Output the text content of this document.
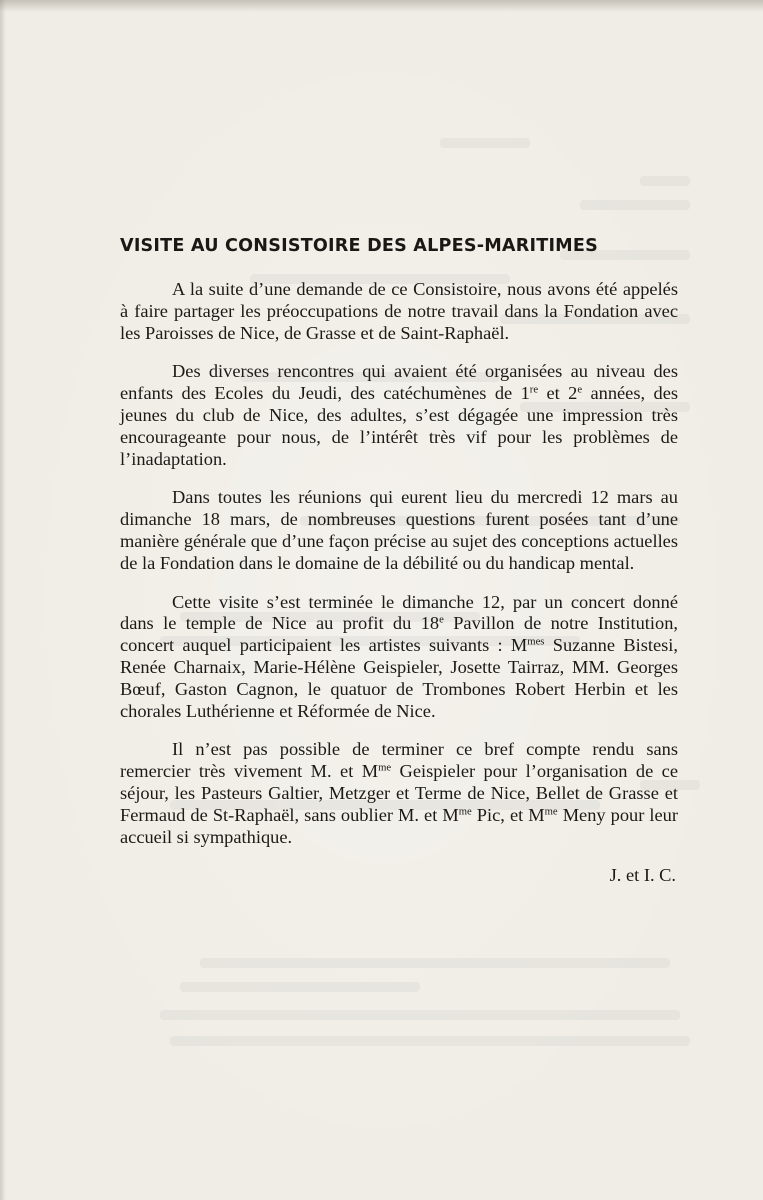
VISITE AU CONSISTOIRE DES ALPES-MARITIMES

A la suite d’une demande de ce Consistoire, nous avons été appelés à faire partager les préoccupations de notre travail dans la Fondation avec les Paroisses de Nice, de Grasse et de Saint-Raphaël.

Des diverses rencontres qui avaient été organisées au niveau des enfants des Ecoles du Jeudi, des catéchumènes de 1re et 2e années, des jeunes du club de Nice, des adultes, s’est dégagée une impression très encourageante pour nous, de l’intérêt très vif pour les problèmes de l’inadaptation.

Dans toutes les réunions qui eurent lieu du mercredi 12 mars au dimanche 18 mars, de nombreuses questions furent posées tant d’une manière générale que d’une façon précise au sujet des conceptions actuelles de la Fondation dans le domaine de la débilité ou du handicap mental.

Cette visite s’est terminée le dimanche 12, par un concert donné dans le temple de Nice au profit du 18e Pavillon de notre Institution, concert auquel participaient les artistes suivants : $M^{mes}$ Suzanne Bistesi, Renée Charnaix, Marie-Hélène Geispieler, Josette Tairraz, MM. Georges Bœuf, Gaston Cagnon, le quatuor de Trombones Robert Herbin et les chorales Luthérienne et Réformée de Nice.

Il n’est pas possible de terminer ce bref compte rendu sans remercier très vivement M. et $M^{me}$ Geispieler pour l’organisation de ce séjour, les Pasteurs Galtier, Metzger et Terme de Nice, Bellet de Grasse et Fermaud de St-Raphaël, sans oublier M. et $M^{me}$ Pic, et $M^{me}$ Meny pour leur accueil si sympathique.

J. et I. C.
